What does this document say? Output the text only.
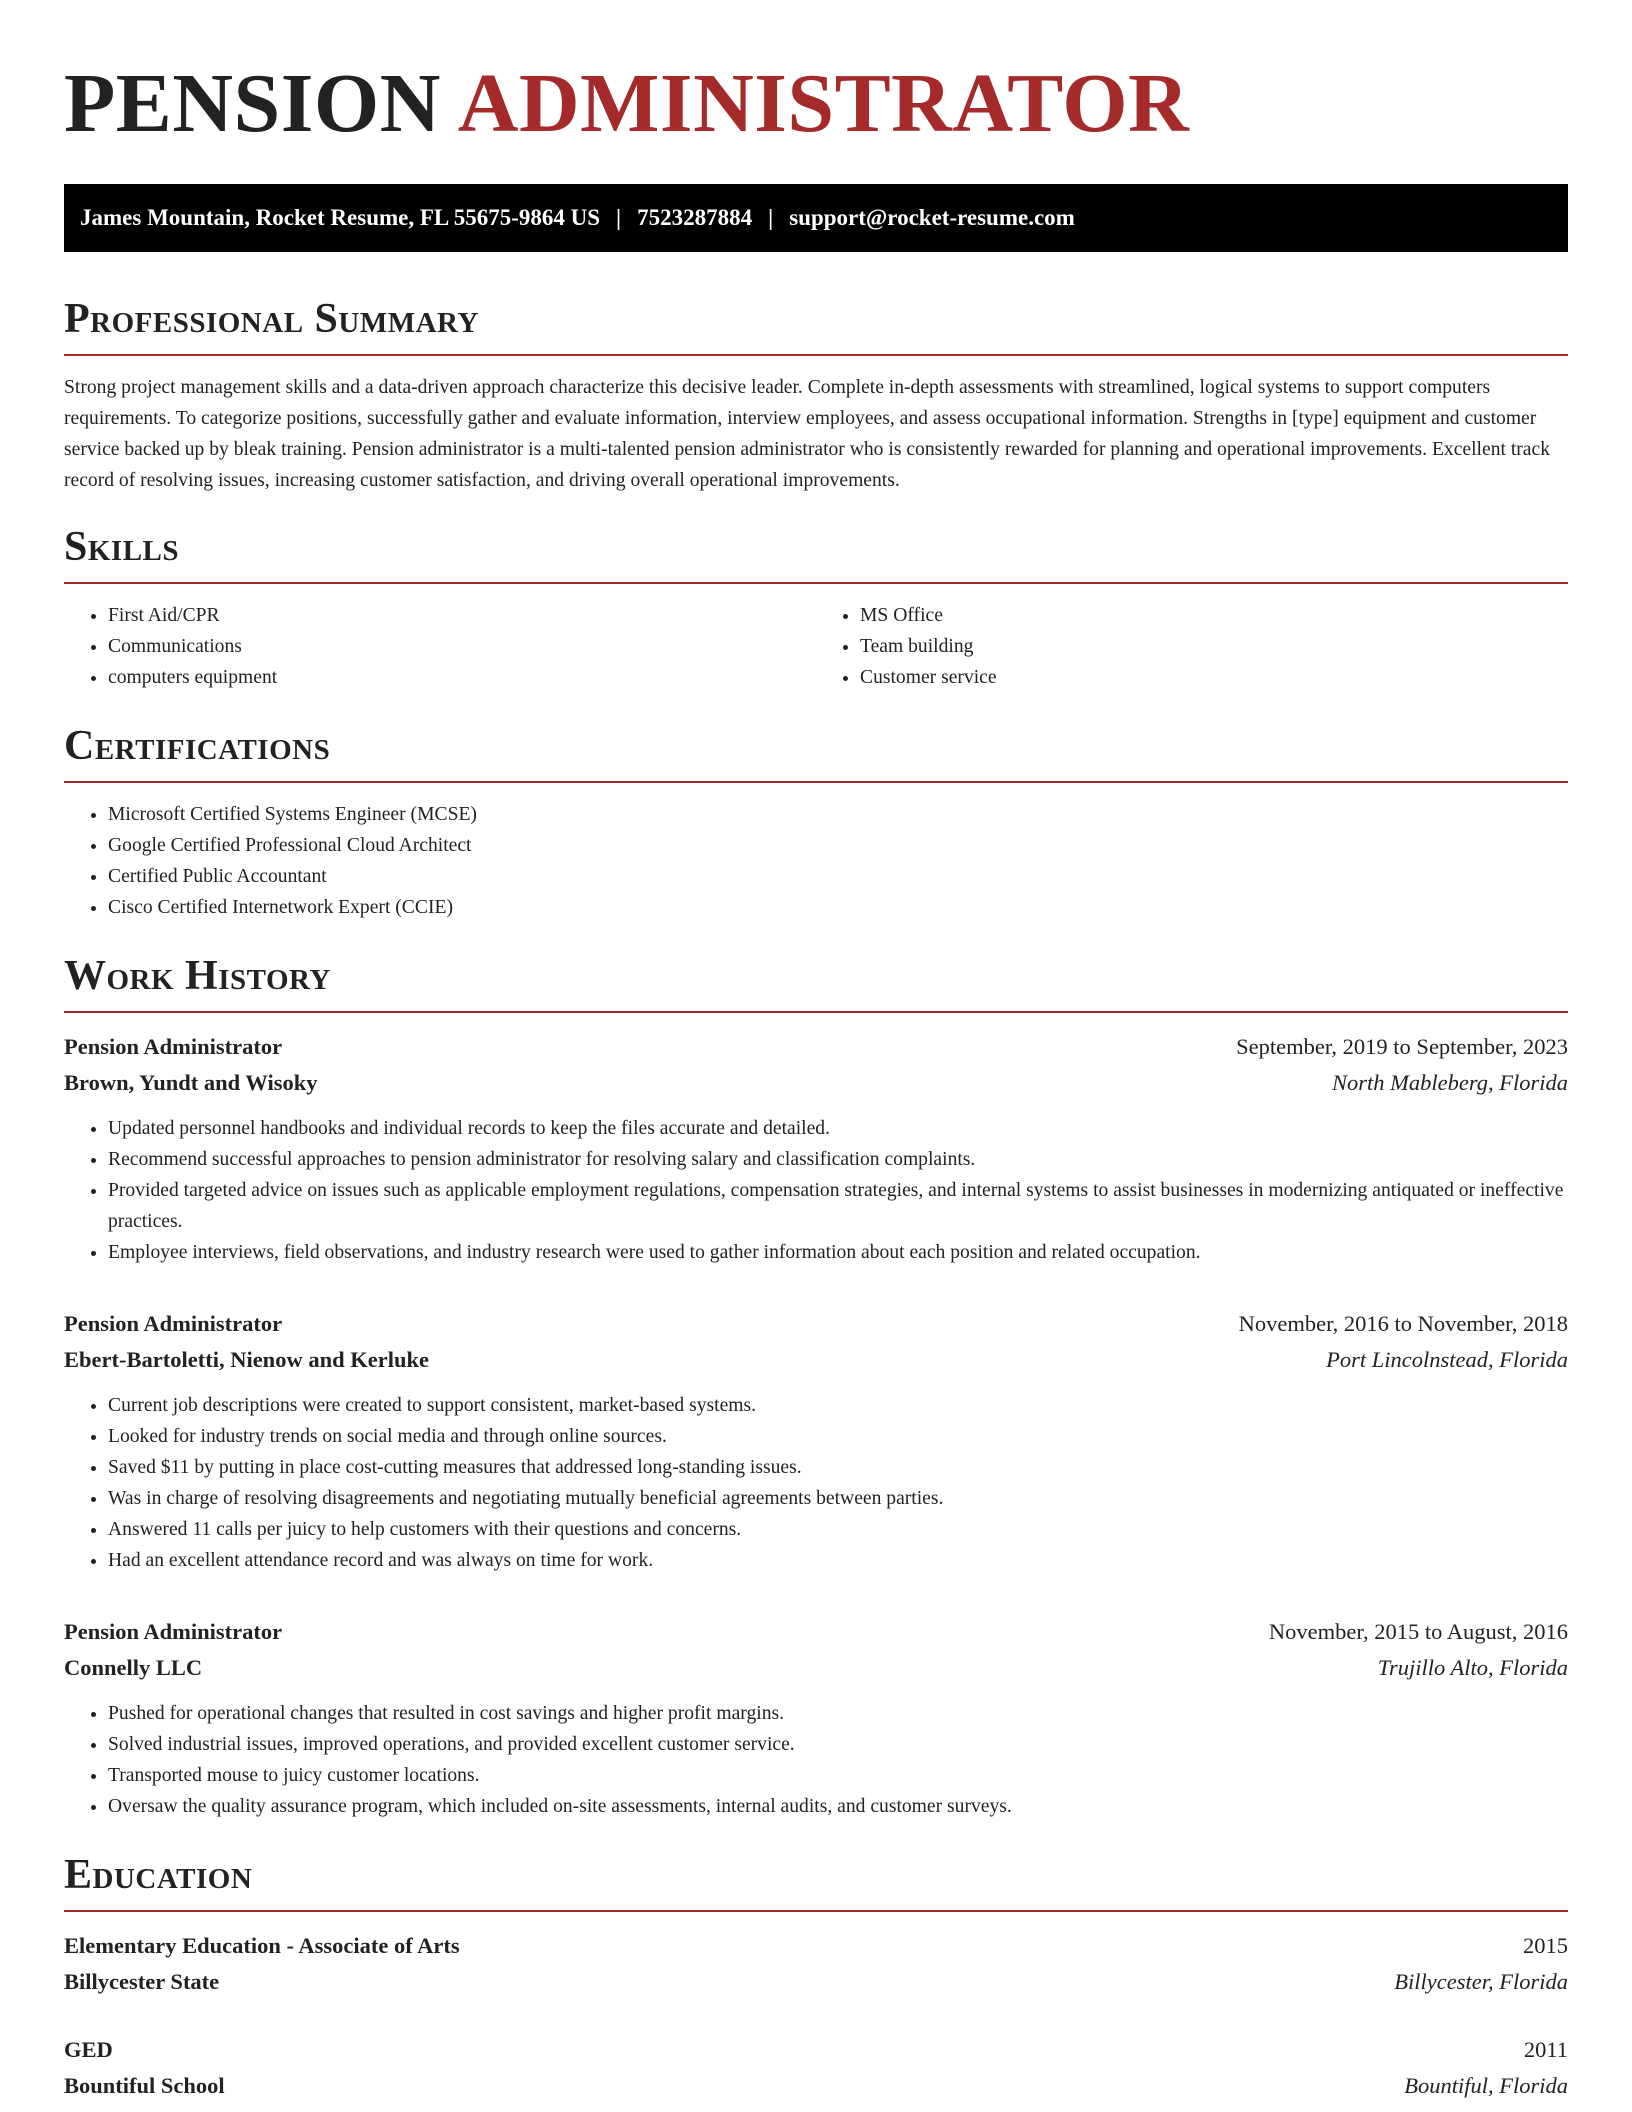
PENSION ADMINISTRATOR
James Mountain, Rocket Resume, FL 55675-9864 US | 7523287884 | support@rocket-resume.com
Professional Summary

Strong project management skills and a data-driven approach characterize this decisive leader. Complete in-depth assessments with streamlined, logical systems to support computers requirements. To categorize positions, successfully gather and evaluate information, interview employees, and assess occupational information. Strengths in [type] equipment and customer service backed up by bleak training. Pension administrator is a multi-talented pension administrator who is consistently rewarded for planning and operational improvements. Excellent track record of resolving issues, increasing customer satisfaction, and driving overall operational improvements.

Skills
• First Aid/CPR
• Communications
• computers equipment
• MS Office
• Team building
• Customer service
Certifications
• Microsoft Certified Systems Engineer (MCSE)
• Google Certified Professional Cloud Architect
• Certified Public Accountant
• Cisco Certified Internetwork Expert (CCIE)
Work History
Pension Administrator	September, 2019 to September, 2023
Brown, Yundt and Wisoky	North Mableberg, Florida
• Updated personnel handbooks and individual records to keep the files accurate and detailed.
• Recommend successful approaches to pension administrator for resolving salary and classification complaints.
• Provided targeted advice on issues such as applicable employment regulations, compensation strategies, and internal systems to assist businesses in modernizing antiquated or ineffective practices.
• Employee interviews, field observations, and industry research were used to gather information about each position and related occupation.
Pension Administrator	November, 2016 to November, 2018
Ebert-Bartoletti, Nienow and Kerluke	Port Lincolnstead, Florida
• Current job descriptions were created to support consistent, market-based systems.
• Looked for industry trends on social media and through online sources.
• Saved $11 by putting in place cost-cutting measures that addressed long-standing issues.
• Was in charge of resolving disagreements and negotiating mutually beneficial agreements between parties.
• Answered 11 calls per juicy to help customers with their questions and concerns.
• Had an excellent attendance record and was always on time for work.
Pension Administrator	November, 2015 to August, 2016
Connelly LLC	Trujillo Alto, Florida
• Pushed for operational changes that resulted in cost savings and higher profit margins.
• Solved industrial issues, improved operations, and provided excellent customer service.
• Transported mouse to juicy customer locations.
• Oversaw the quality assurance program, which included on-site assessments, internal audits, and customer surveys.
Education
Elementary Education - Associate of Arts	2015
Billycester State	Billycester, Florida
GED	2011
Bountiful School	Bountiful, Florida
